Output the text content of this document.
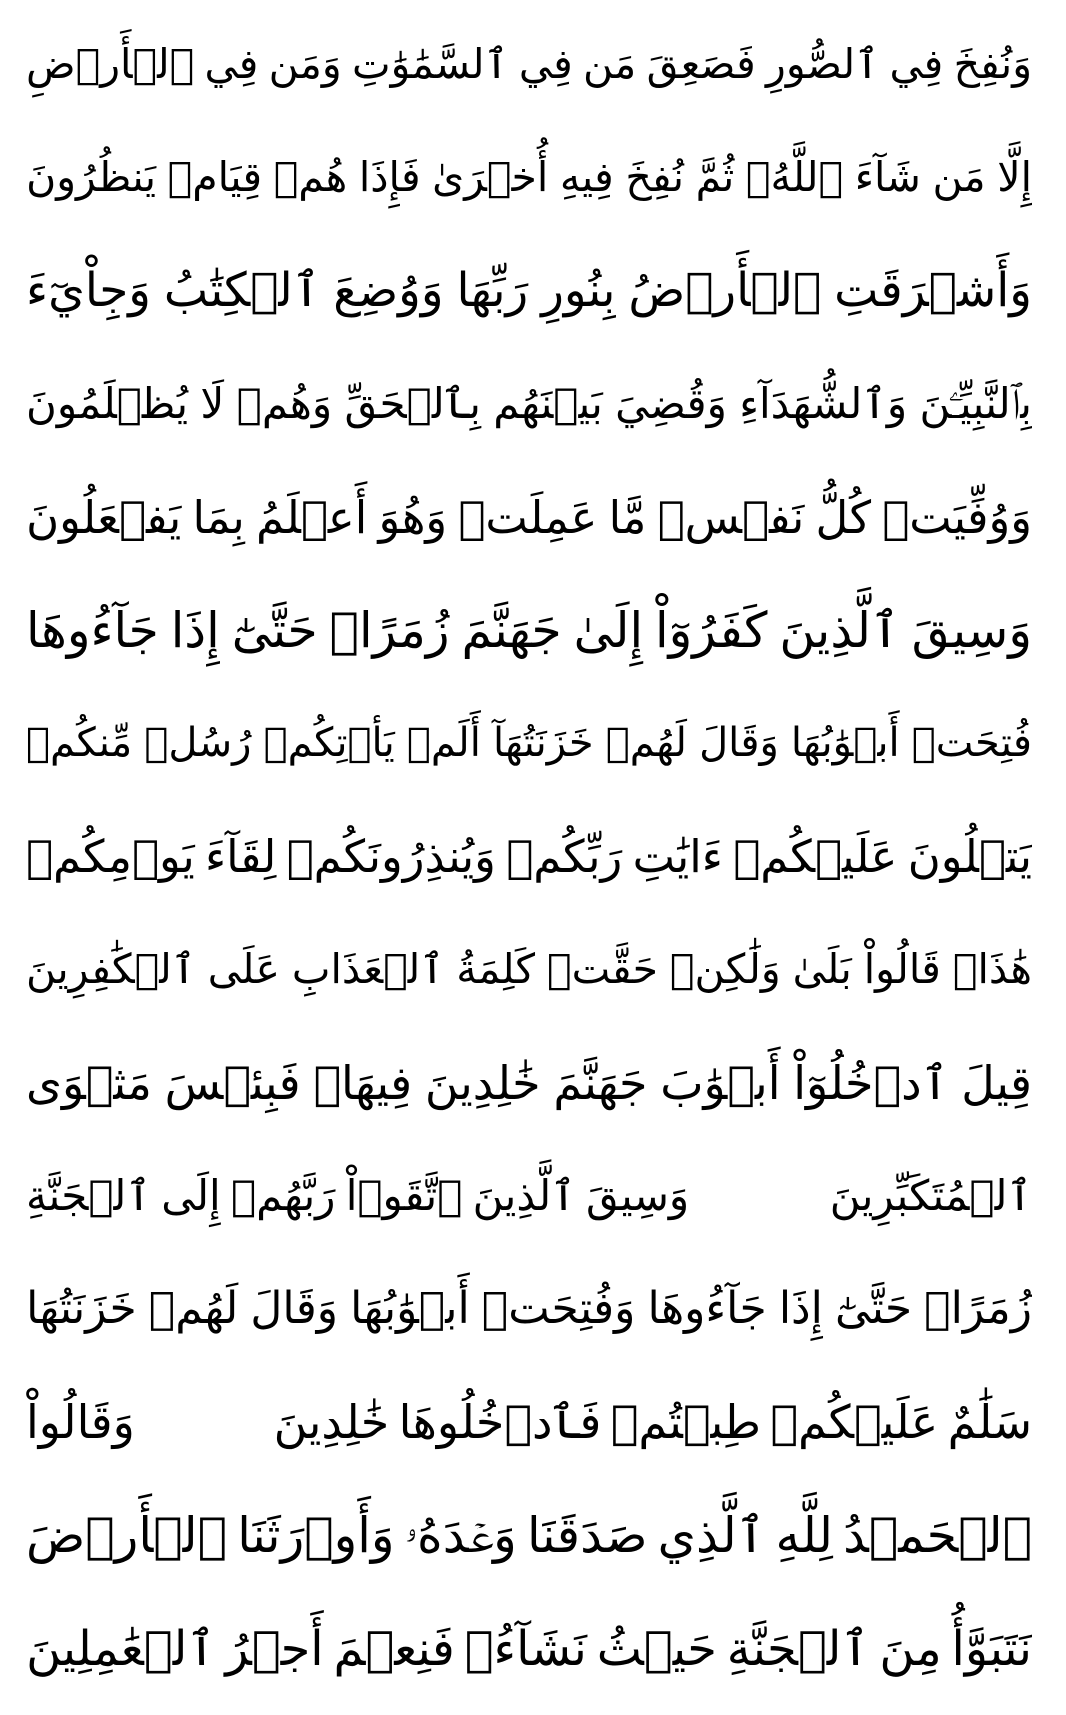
وَنُفِخَ
فِي
ٱلصُّورِ
فَصَعِقَ
مَن
فِي
ٱلسَّمَٰوَٰتِ
وَمَن
فِي
ٱلۡأَرۡضِ
إِلَّا
مَن
شَآءَ
ٱللَّهُۖ
ثُمَّ
نُفِخَ
فِيهِ
أُخۡرَىٰ
فَإِذَا
هُمۡ
قِيَامٞ
يَنظُرُونَ
وَأَشۡرَقَتِ
ٱلۡأَرۡضُ
بِنُورِ
رَبِّهَا
وَوُضِعَ
ٱلۡكِتَٰبُ
وَجِاْيٓءَ
بِٱلنَّبِيِّـۧنَ
وَٱلشُّهَدَآءِ
وَقُضِيَ
بَيۡنَهُم
بِٱلۡحَقِّ
وَهُمۡ
لَا
يُظۡلَمُونَ
وَوُفِّيَتۡ
كُلُّ
نَفۡسٖ
مَّا
عَمِلَتۡ
وَهُوَ
أَعۡلَمُ
بِمَا
يَفۡعَلُونَ
وَسِيقَ
ٱلَّذِينَ
كَفَرُوٓاْ
إِلَىٰ
جَهَنَّمَ
زُمَرًاۖ
حَتَّىٰٓ
إِذَا
جَآءُوهَا
فُتِحَتۡ
أَبۡوَٰبُهَا
وَقَالَ
لَهُمۡ
خَزَنَتُهَآ
أَلَمۡ
يَأۡتِكُمۡ
رُسُلٞ
مِّنكُمۡ
يَتۡلُونَ
عَلَيۡكُمۡ
ءَايَٰتِ
رَبِّكُمۡ
وَيُنذِرُونَكُمۡ
لِقَآءَ
يَوۡمِكُمۡ
هَٰذَاۚ
قَالُواْ
بَلَىٰ
وَلَٰكِنۡ
حَقَّتۡ
كَلِمَةُ
ٱلۡعَذَابِ
عَلَى
ٱلۡكَٰفِرِينَ
قِيلَ
ٱدۡخُلُوٓاْ
أَبۡوَٰبَ
جَهَنَّمَ
خَٰلِدِينَ
فِيهَاۖ
فَبِئۡسَ
مَثۡوَى
ٱلۡمُتَكَبِّرِينَ
وَسِيقَ
ٱلَّذِينَ
ٱتَّقَوۡاْ
رَبَّهُمۡ
إِلَى
ٱلۡجَنَّةِ
زُمَرًاۖ
حَتَّىٰٓ
إِذَا
جَآءُوهَا
وَفُتِحَتۡ
أَبۡوَٰبُهَا
وَقَالَ
لَهُمۡ
خَزَنَتُهَا
سَلَٰمٌ
عَلَيۡكُمۡ
طِبۡتُمۡ
فَٱدۡخُلُوهَا
خَٰلِدِينَ
وَقَالُواْ
ٱلۡحَمۡدُ
لِلَّهِ
ٱلَّذِي
صَدَقَنَا
وَعۡدَهُۥ
وَأَوۡرَثَنَا
ٱلۡأَرۡضَ
نَتَبَوَّأُ
مِنَ
ٱلۡجَنَّةِ
حَيۡثُ
نَشَآءُۖ
فَنِعۡمَ
أَجۡرُ
ٱلۡعَٰمِلِينَ
